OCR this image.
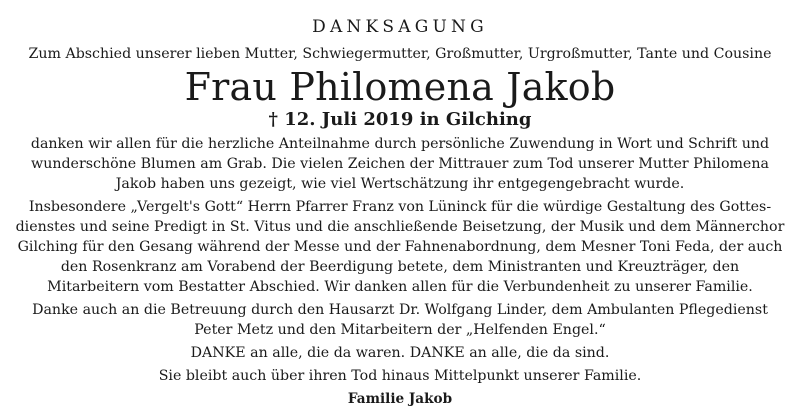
DANKSAGUNG
Zum Abschied unserer lieben Mutter, Schwiegermutter, Großmutter, Urgroßmutter, Tante und Cousine
Frau Philomena Jakob
† 12. Juli 2019 in Gilching

danken wir allen für die herzliche Anteilnahme durch persönliche Zuwendung in Wort und Schrift und
wunderschöne Blumen am Grab. Die vielen Zeichen der Mittrauer zum Tod unserer Mutter Philomena
Jakob haben uns gezeigt, wie viel Wertschätzung ihr entgegengebracht wurde.

Insbesondere „Vergelt's Gott“ Herrn Pfarrer Franz von Lüninck für die würdige Gestaltung des Gottes-
dienstes und seine Predigt in St. Vitus und die anschließende Beisetzung, der Musik und dem Männerchor
Gilching für den Gesang während der Messe und der Fahnenabordnung, dem Mesner Toni Feda, der auch
den Rosenkranz am Vorabend der Beerdigung betete, dem Ministranten und Kreuzträger, den
Mitarbeitern vom Bestatter Abschied. Wir danken allen für die Verbundenheit zu unserer Familie.

Danke auch an die Betreuung durch den Hausarzt Dr. Wolfgang Linder, dem Ambulanten Pflegedienst
Peter Metz und den Mitarbeitern der „Helfenden Engel.“

DANKE an alle, die da waren. DANKE an alle, die da sind.

Sie bleibt auch über ihren Tod hinaus Mittelpunkt unserer Familie.

Familie Jakob
